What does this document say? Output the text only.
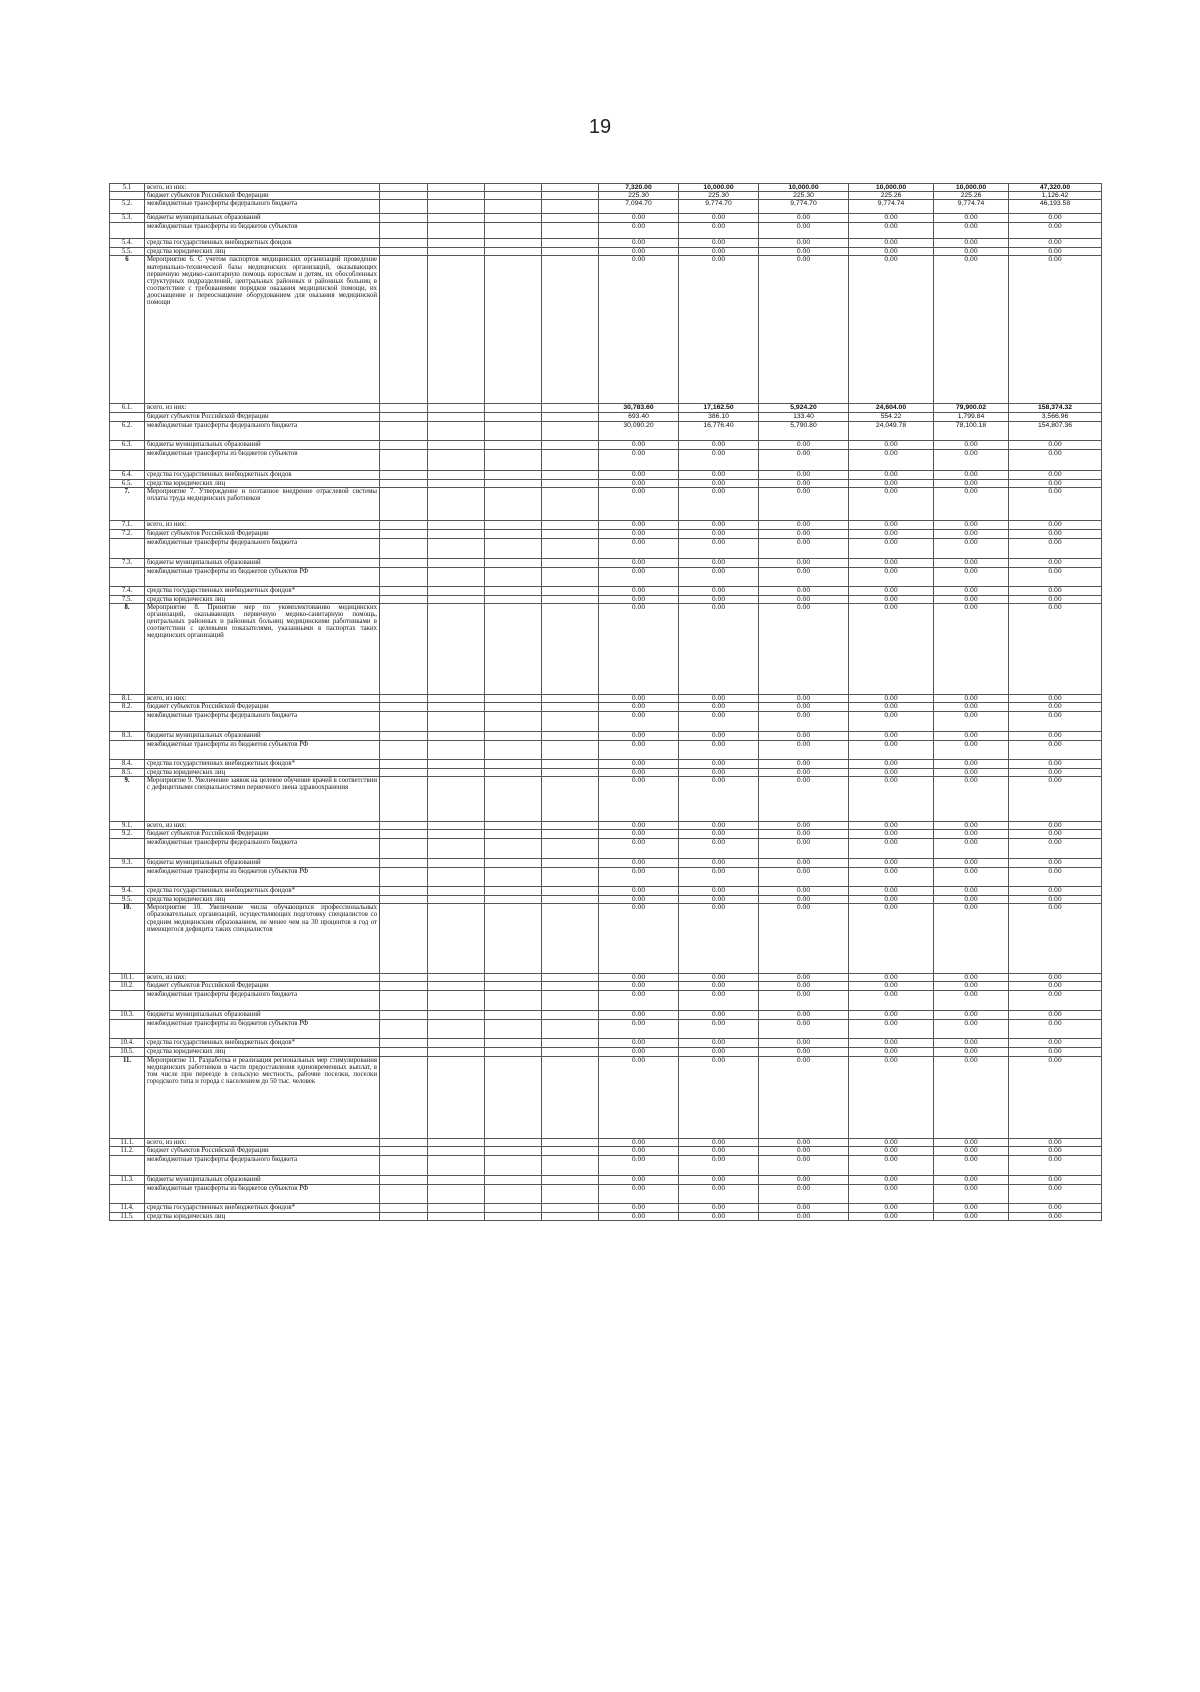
19
5.1	всего, из них:					7,320.00	10,000.00	10,000.00	10,000.00	10,000.00	47,320.00
	бюджет субъектов Российской Федерации					225.30	225.30	225.30	225.26	225.26	1,126.42
5.2.	межбюджетные трансферты федерального бюджета					7,094.70	9,774.70	9,774.70	9,774.74	9,774.74	46,193.58
5.3.	бюджеты муниципальных образований					0.00	0.00	0.00	0.00	0.00	0.00
	межбюджетные трансферты из бюджетов субъектов					0.00	0.00	0.00	0.00	0.00	0.00
5.4.	средства государственных внебюджетных фондов					0.00	0.00	0.00	0.00	0.00	0.00
5.5.	средства юридических лиц					0.00	0.00	0.00	0.00	0.00	0.00
6	Мероприятие 6. С учетом паспортов медицинских организаций проведение материально-технической базы медицинских организаций, оказывающих первичную медико-санитарную помощь взрослым и детям, их обособленных структурных подразделений, центральных районных и районных больниц в соответствие с требованиями порядков оказания медицинской помощи, их дооснащение и переоснащение оборудованием для оказания медицинской помощи					0.00	0.00	0.00	0.00	0.00	0.00
6.1.	всего, из них:					30,783.60	17,162.50	5,924.20	24,604.00	79,900.02	158,374.32
	бюджет субъектов Российской Федерации					693.40	386.10	133.40	554.22	1,799.84	3,566.96
6.2.	межбюджетные трансферты федерального бюджета					30,090.20	16,776.40	5,790.80	24,049.78	78,100.18	154,807.36
6.3.	бюджеты муниципальных образований					0.00	0.00	0.00	0.00	0.00	0.00
	межбюджетные трансферты из бюджетов субъектов					0.00	0.00	0.00	0.00	0.00	0.00
6.4.	средства государственных внебюджетных фондов					0.00	0.00	0.00	0.00	0.00	0.00
6.5.	средства юридических лиц					0.00	0.00	0.00	0.00	0.00	0.00
7.	Мероприятие 7. Утверждение и поэтапное внедрение отраслевой системы оплаты труда медицинских работников					0.00	0.00	0.00	0.00	0.00	0.00
7.1.	всего, из них:					0.00	0.00	0.00	0.00	0.00	0.00
7.2.	бюджет субъектов Российской Федерации					0.00	0.00	0.00	0.00	0.00	0.00
	межбюджетные трансферты федерального бюджета					0.00	0.00	0.00	0.00	0.00	0.00
7.3.	бюджеты муниципальных образований					0.00	0.00	0.00	0.00	0.00	0.00
	межбюджетные трансферты из бюджетов субъектов РФ					0.00	0.00	0.00	0.00	0.00	0.00
7.4.	средства государственных внебюджетных фондов*					0.00	0.00	0.00	0.00	0.00	0.00
7.5.	средства юридических лиц					0.00	0.00	0.00	0.00	0.00	0.00
8.	Мероприятие 8. Принятие мер по укомплектованию медицинских организаций, оказывающих первичную медико-санитарную помощь, центральных районных и районных больниц медицинскими работниками в соответствии с целевыми показателями, указанными в паспортах таких медицинских организаций					0.00	0.00	0.00	0.00	0.00	0.00
8.1.	всего, из них:					0.00	0.00	0.00	0.00	0.00	0.00
8.2.	бюджет субъектов Российской Федерации					0.00	0.00	0.00	0.00	0.00	0.00
	межбюджетные трансферты федерального бюджета					0.00	0.00	0.00	0.00	0.00	0.00
8.3.	бюджеты муниципальных образований					0.00	0.00	0.00	0.00	0.00	0.00
	межбюджетные трансферты из бюджетов субъектов РФ					0.00	0.00	0.00	0.00	0.00	0.00
8.4.	средства государственных внебюджетных фондов*					0.00	0.00	0.00	0.00	0.00	0.00
8.5.	средства юридических лиц					0.00	0.00	0.00	0.00	0.00	0.00
9.	Мероприятие 9. Увеличение заявок на целевое обучение врачей в соответствии с дефицитными специальностями первичного звена здравоохранения					0.00	0.00	0.00	0.00	0.00	0.00
9.1.	всего, из них:					0.00	0.00	0.00	0.00	0.00	0.00
9.2.	бюджет субъектов Российской Федерации					0.00	0.00	0.00	0.00	0.00	0.00
	межбюджетные трансферты федерального бюджета					0.00	0.00	0.00	0.00	0.00	0.00
9.3.	бюджеты муниципальных образований					0.00	0.00	0.00	0.00	0.00	0.00
	межбюджетные трансферты из бюджетов субъектов РФ					0.00	0.00	0.00	0.00	0.00	0.00
9.4.	средства государственных внебюджетных фондов*					0.00	0.00	0.00	0.00	0.00	0.00
9.5.	средства юридических лиц					0.00	0.00	0.00	0.00	0.00	0.00
10.	Мероприятие 10. Увеличение числа обучающихся профессиональных образовательных организаций, осуществляющих подготовку специалистов со средним медицинским образованием, не менее чем на 30 процентов в год от имеющегося дефицита таких специалистов					0.00	0.00	0.00	0.00	0.00	0.00
10.1.	всего, из них:					0.00	0.00	0.00	0.00	0.00	0.00
10.2.	бюджет субъектов Российской Федерации					0.00	0.00	0.00	0.00	0.00	0.00
	межбюджетные трансферты федерального бюджета					0.00	0.00	0.00	0.00	0.00	0.00
10.3.	бюджеты муниципальных образований					0.00	0.00	0.00	0.00	0.00	0.00
	межбюджетные трансферты из бюджетов субъектов РФ					0.00	0.00	0.00	0.00	0.00	0.00
10.4.	средства государственных внебюджетных фондов*					0.00	0.00	0.00	0.00	0.00	0.00
10.5.	средства юридических лиц					0.00	0.00	0.00	0.00	0.00	0.00
11.	Мероприятие 11. Разработка и реализация региональных мер стимулирования медицинских работников в части предоставления единовременных выплат, в том числе при переезде в сельскую местность, рабочие поселки, поселки городского типа и города с населением до 50 тыс. человек					0.00	0.00	0.00	0.00	0.00	0.00
11.1.	всего, из них:					0.00	0.00	0.00	0.00	0.00	0.00
11.2.	бюджет субъектов Российской Федерации					0.00	0.00	0.00	0.00	0.00	0.00
	межбюджетные трансферты федерального бюджета					0.00	0.00	0.00	0.00	0.00	0.00
11.3.	бюджеты муниципальных образований					0.00	0.00	0.00	0.00	0.00	0.00
	межбюджетные трансферты из бюджетов субъектов РФ					0.00	0.00	0.00	0.00	0.00	0.00
11.4.	средства государственных внебюджетных фондов*					0.00	0.00	0.00	0.00	0.00	0.00
11.5.	средства юридических лиц					0.00	0.00	0.00	0.00	0.00	0.00
